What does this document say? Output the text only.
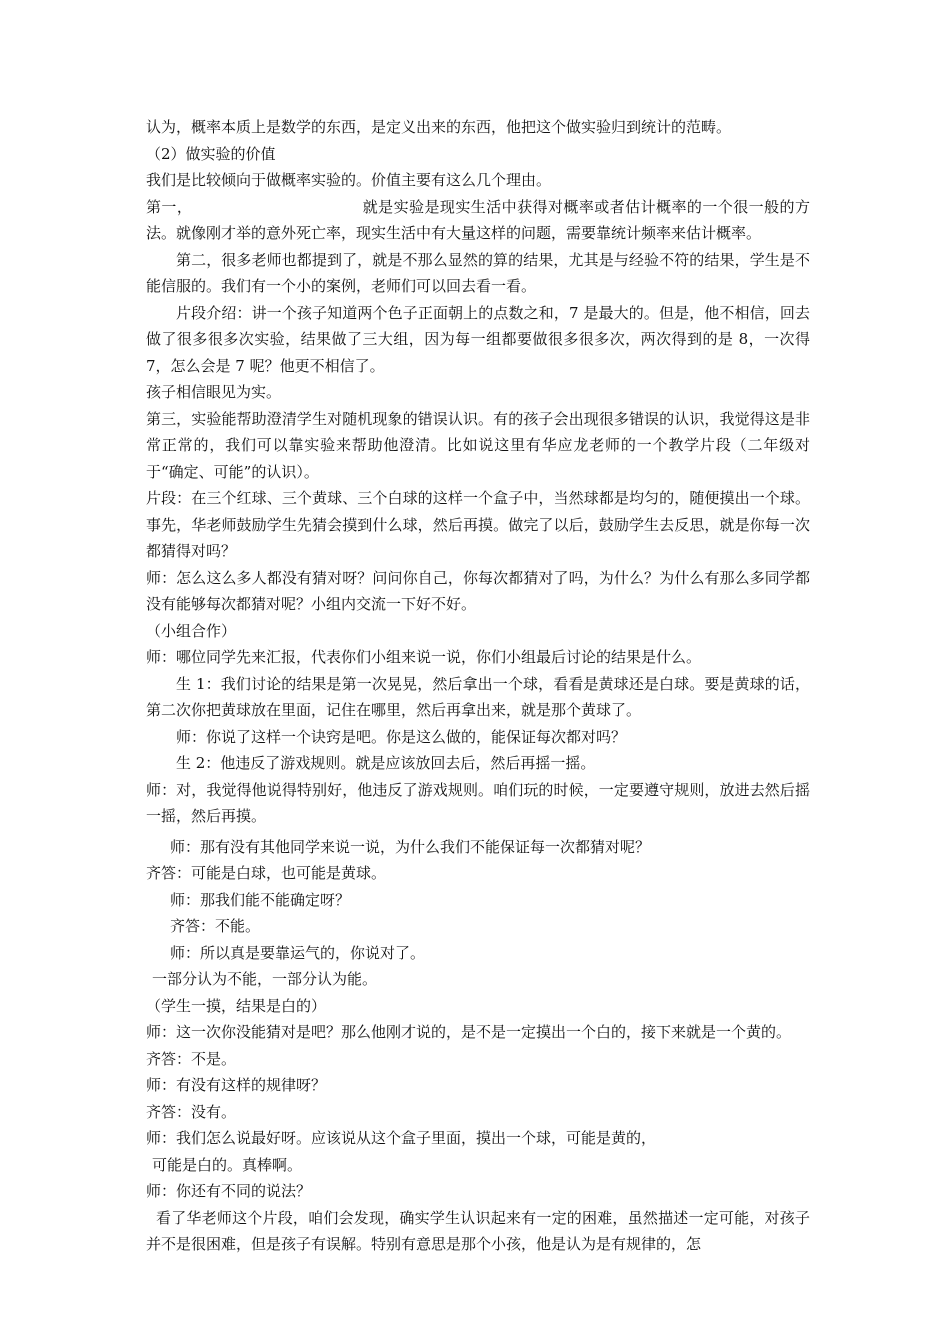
认为，概率本质上是数学的东西，是定义出来的东西，他把这个做实验归到统计的范畴。

（2）做实验的价值

我们是比较倾向于做概率实验的。价值主要有这么几个理由。

第一，	就是实验是现实生活中获得对概率或者估计概率的一个很一般的方法。就像刚才举的意外死亡率，现实生活中有大量这样的问题，需要靠统计频率来估计概率。

第二，很多老师也都提到了，就是不那么显然的算的结果，尤其是与经验不符的结果，学生是不能信服的。我们有一个小的案例，老师们可以回去看一看。

片段介绍：讲一个孩子知道两个色子正面朝上的点数之和，7 是最大的。但是，他不相信，回去做了很多很多次实验，结果做了三大组，因为每一组都要做很多很多次，两次得到的是 8，一次得 7，怎么会是 7 呢？他更不相信了。

孩子相信眼见为实。

第三，实验能帮助澄清学生对随机现象的错误认识。有的孩子会出现很多错误的认识，我觉得这是非常正常的，我们可以靠实验来帮助他澄清。比如说这里有华应龙老师的一个教学片段（二年级对于“确定、可能”的认识）。

片段：在三个红球、三个黄球、三个白球的这样一个盒子中，当然球都是均匀的，随便摸出一个球。事先，华老师鼓励学生先猜会摸到什么球，然后再摸。做完了以后，鼓励学生去反思，就是你每一次都猜得对吗？

师：怎么这么多人都没有猜对呀？问问你自己，你每次都猜对了吗，为什么？为什么有那么多同学都没有能够每次都猜对呢？小组内交流一下好不好。

（小组合作）

师：哪位同学先来汇报，代表你们小组来说一说，你们小组最后讨论的结果是什么。

生 1：我们讨论的结果是第一次晃晃，然后拿出一个球，看看是黄球还是白球。要是黄球的话，第二次你把黄球放在里面，记住在哪里，然后再拿出来，就是那个黄球了。

师：你说了这样一个诀窍是吧。你是这么做的，能保证每次都对吗？

生 2：他违反了游戏规则。就是应该放回去后，然后再摇一摇。

师：对，我觉得他说得特别好，他违反了游戏规则。咱们玩的时候，一定要遵守规则，放进去然后摇一摇，然后再摸。

师：那有没有其他同学来说一说，为什么我们不能保证每一次都猜对呢？

齐答：可能是白球，也可能是黄球。

师：那我们能不能确定呀？

齐答：不能。

师：所以真是要靠运气的，你说对了。

一部分认为不能，一部分认为能。

（学生一摸，结果是白的）

师：这一次你没能猜对是吧？那么他刚才说的，是不是一定摸出一个白的，接下来就是一个黄的。

齐答：不是。

师：有没有这样的规律呀？

齐答：没有。

师：我们怎么说最好呀。应该说从这个盒子里面，摸出一个球，可能是黄的，

可能是白的。真棒啊。

师：你还有不同的说法？

看了华老师这个片段，咱们会发现，确实学生认识起来有一定的困难，虽然描述一定可能，对孩子并不是很困难，但是孩子有误解。特别有意思是那个小孩，他是认为是有规律的，怎
